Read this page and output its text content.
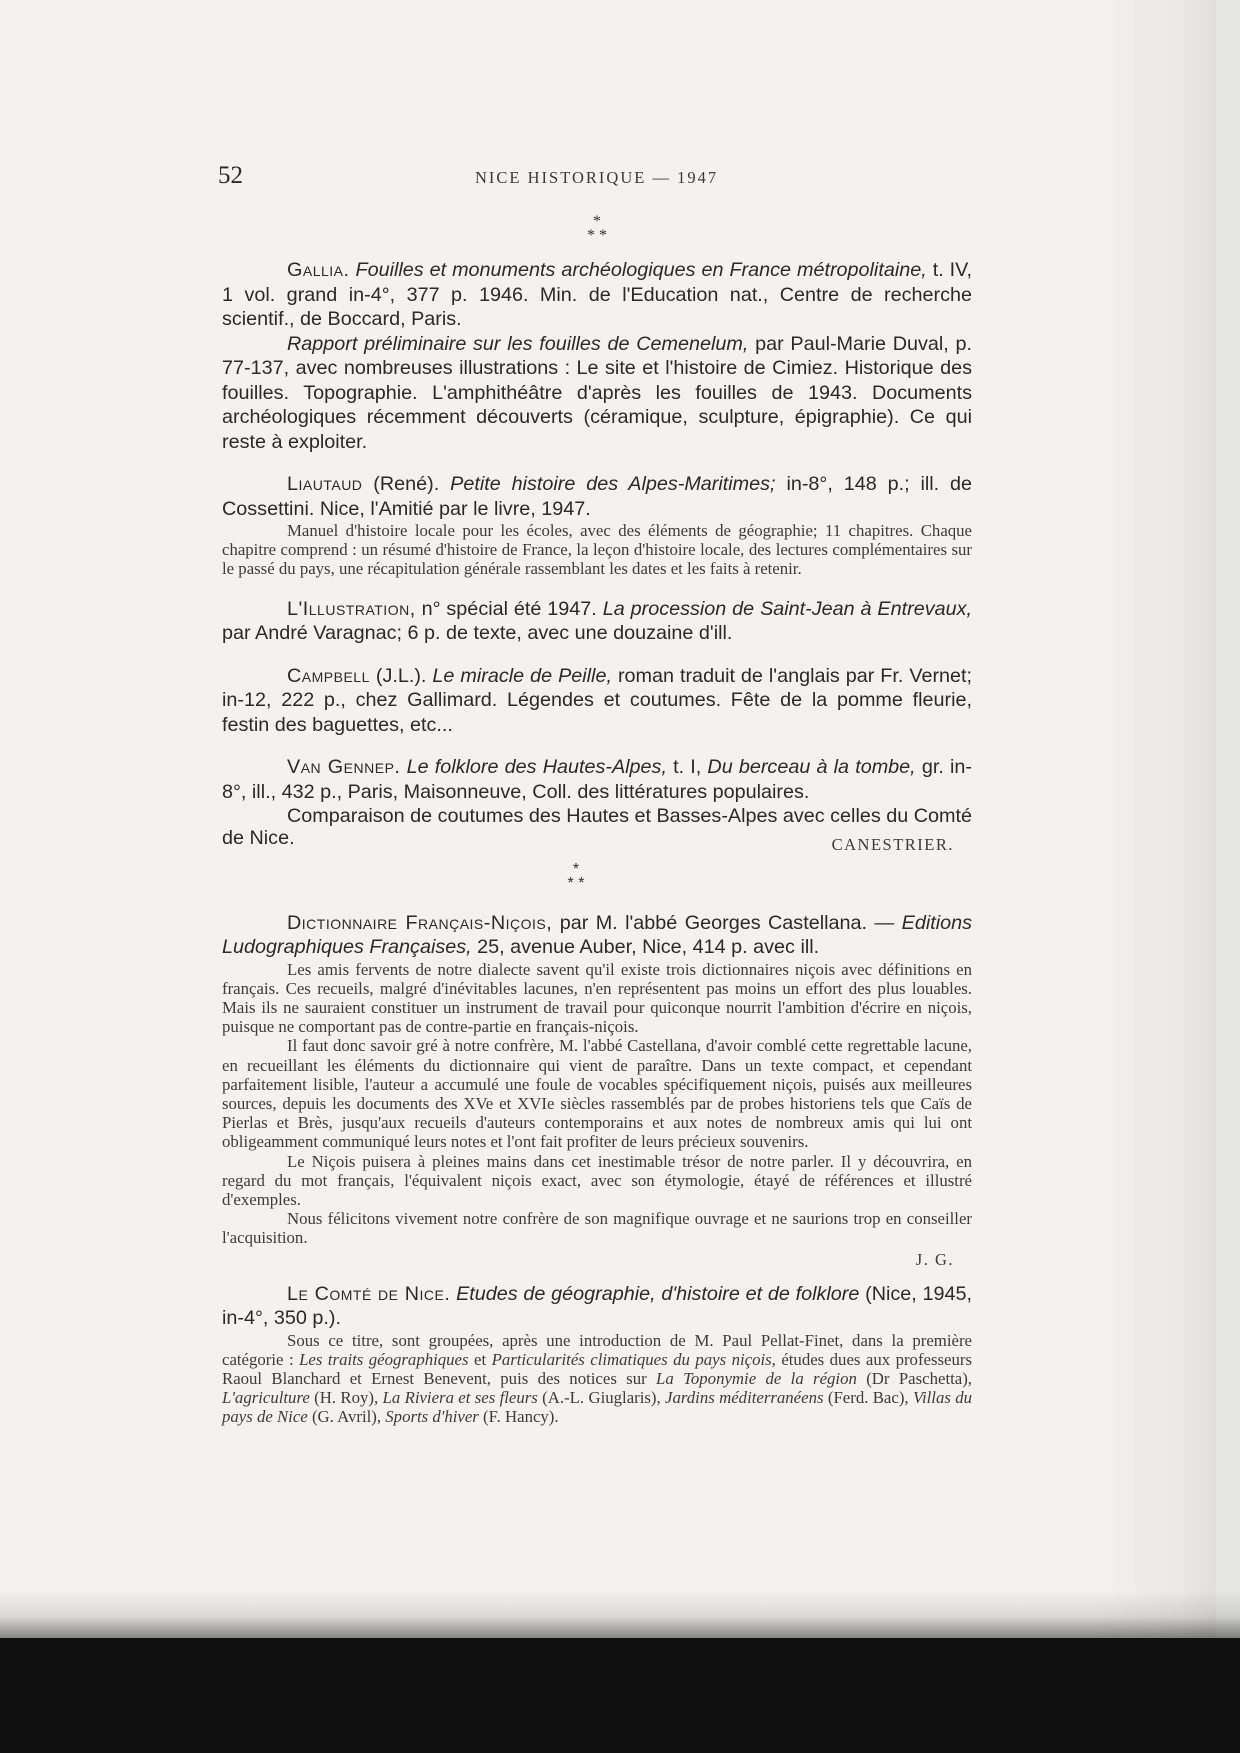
52	NICE HISTORIQUE — 1947
*
* *

Gallia. Fouilles et monuments archéologiques en France métropolitaine, t. IV, 1 vol. grand in-4°, 377 p. 1946. Min. de l'Education nat., Centre de recherche scientif., de Boccard, Paris.

Rapport préliminaire sur les fouilles de Cemenelum, par Paul-Marie Duval, p. 77-137, avec nombreuses illustrations : Le site et l'histoire de Cimiez. Historique des fouilles. Topographie. L'amphithéâtre d'après les fouilles de 1943. Documents archéologiques récemment découverts (céramique, sculpture, épigraphie). Ce qui reste à exploiter.

Liautaud (René). Petite histoire des Alpes-Maritimes; in-8°, 148 p.; ill. de Cossettini. Nice, l'Amitié par le livre, 1947.

Manuel d'histoire locale pour les écoles, avec des éléments de géographie; 11 chapitres. Chaque chapitre comprend : un résumé d'histoire de France, la leçon d'histoire locale, des lectures complémentaires sur le passé du pays, une récapitulation générale rassemblant les dates et les faits à retenir.

L'Illustration, n° spécial été 1947. La procession de Saint-Jean à Entrevaux, par André Varagnac; 6 p. de texte, avec une douzaine d'ill.

Campbell (J.L.). Le miracle de Peille, roman traduit de l'anglais par Fr. Vernet; in-12, 222 p., chez Gallimard. Légendes et coutumes. Fête de la pomme fleurie, festin des baguettes, etc...

Van Gennep. Le folklore des Hautes-Alpes, t. I, Du berceau à la tombe, gr. in-8°, ill., 432 p., Paris, Maisonneuve, Coll. des littératures populaires.

Comparaison de coutumes des Hautes et Basses-Alpes avec celles du Comté

de Nice.	CANESTRIER.
*
* *

Dictionnaire Français-Niçois, par M. l'abbé Georges Castellana. — Editions Ludographiques Françaises, 25, avenue Auber, Nice, 414 p. avec ill.

Les amis fervents de notre dialecte savent qu'il existe trois dictionnaires niçois avec définitions en français. Ces recueils, malgré d'inévitables lacunes, n'en représentent pas moins un effort des plus louables. Mais ils ne sauraient constituer un instrument de travail pour quiconque nourrit l'ambition d'écrire en niçois, puisque ne comportant pas de contre-partie en français-niçois.

Il faut donc savoir gré à notre confrère, M. l'abbé Castellana, d'avoir comblé cette regrettable lacune, en recueillant les éléments du dictionnaire qui vient de paraître. Dans un texte compact, et cependant parfaitement lisible, l'auteur a accumulé une foule de vocables spécifiquement niçois, puisés aux meilleures sources, depuis les documents des XVe et XVIe siècles rassemblés par de probes historiens tels que Caïs de Pierlas et Brès, jusqu'aux recueils d'auteurs contemporains et aux notes de nombreux amis qui lui ont obligeamment communiqué leurs notes et l'ont fait profiter de leurs précieux souvenirs.

Le Niçois puisera à pleines mains dans cet inestimable trésor de notre parler. Il y découvrira, en regard du mot français, l'équivalent niçois exact, avec son étymologie, étayé de références et illustré d'exemples.

Nous félicitons vivement notre confrère de son magnifique ouvrage et ne saurions trop en conseiller l'acquisition.

J. G.

Le Comté de Nice. Etudes de géographie, d'histoire et de folklore (Nice, 1945, in-4°, 350 p.).

Sous ce titre, sont groupées, après une introduction de M. Paul Pellat-Finet, dans la première catégorie : Les traits géographiques et Particularités climatiques du pays niçois, études dues aux professeurs Raoul Blanchard et Ernest Benevent, puis des notices sur La Toponymie de la région (Dr Paschetta), L'agriculture (H. Roy), La Riviera et ses fleurs (A.-L. Giuglaris), Jardins méditerranéens (Ferd. Bac), Villas du pays de Nice (G. Avril), Sports d'hiver (F. Hancy).
